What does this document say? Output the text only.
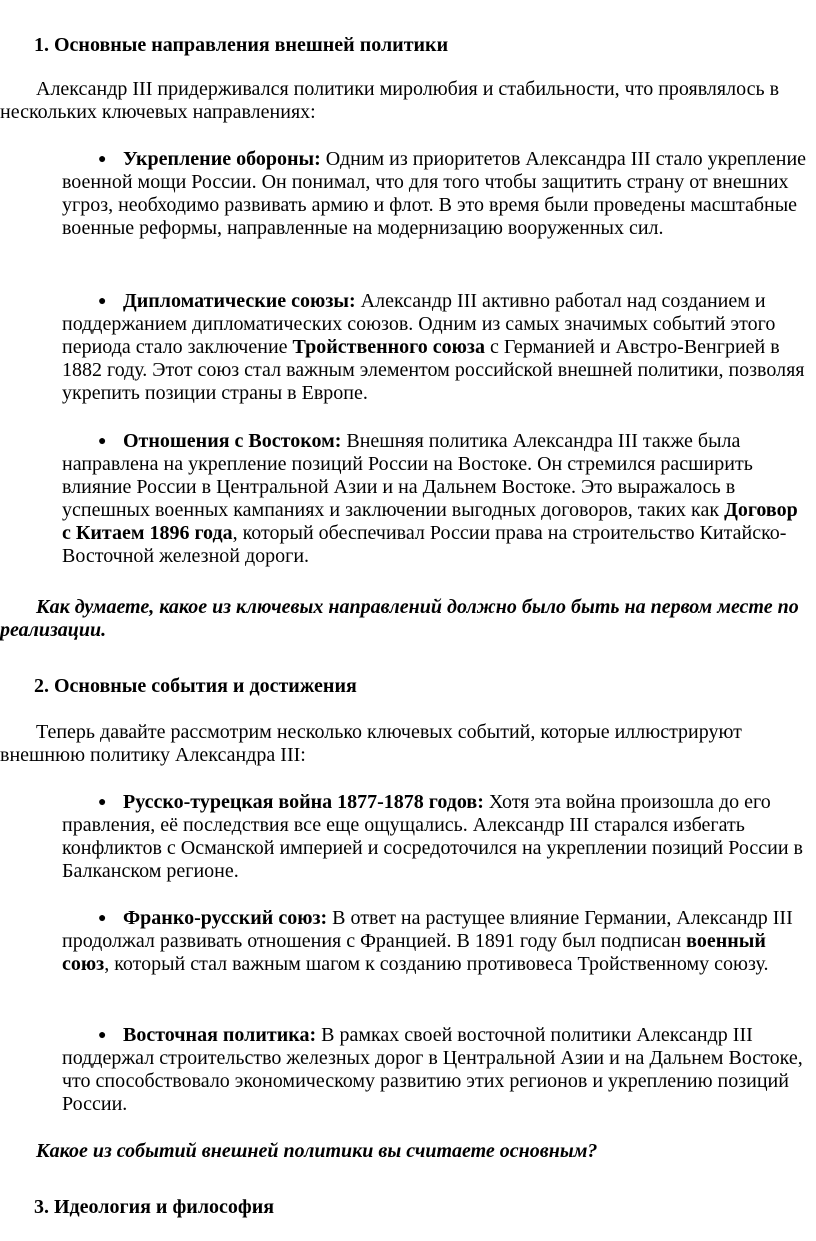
1. Основные направления внешней политики

Александр III придерживался политики миролюбия и стабильности, что проявлялось в нескольких ключевых направлениях:

● Укрепление обороны: Одним из приоритетов Александра III стало укрепление военной мощи России. Он понимал, что для того чтобы защитить страну от внешних угроз, необходимо развивать армию и флот. В это время были проведены масштабные военные реформы, направленные на модернизацию вооруженных сил.
● Дипломатические союзы: Александр III активно работал над созданием и поддержанием дипломатических союзов. Одним из самых значимых событий этого периода стало заключение Тройственного союза с Германией и Австро-Венгрией в 1882 году. Этот союз стал важным элементом российской внешней политики, позволяя укрепить позиции страны в Европе.
● Отношения с Востоком: Внешняя политика Александра III также была направлена на укрепление позиций России на Востоке. Он стремился расширить влияние России в Центральной Азии и на Дальнем Востоке. Это выражалось в успешных военных кампаниях и заключении выгодных договоров, таких как Договор с Китаем 1896 года, который обеспечивал России права на строительство Китайско-Восточной железной дороги.

Как думаете, какое из ключевых направлений должно было быть на первом месте по реализации.

2. Основные события и достижения

Теперь давайте рассмотрим несколько ключевых событий, которые иллюстрируют внешнюю политику Александра III:

● Русско-турецкая война 1877-1878 годов: Хотя эта война произошла до его правления, её последствия все еще ощущались. Александр III старался избегать конфликтов с Османской империей и сосредоточился на укреплении позиций России в Балканском регионе.
● Франко-русский союз: В ответ на растущее влияние Германии, Александр III продолжал развивать отношения с Францией. В 1891 году был подписан военный союз, который стал важным шагом к созданию противовеса Тройственному союзу.
● Восточная политика: В рамках своей восточной политики Александр III поддержал строительство железных дорог в Центральной Азии и на Дальнем Востоке, что способствовало экономическому развитию этих регионов и укреплению позиций России.

Какое из событий внешней политики вы считаете основным?

3. Идеология и философия
